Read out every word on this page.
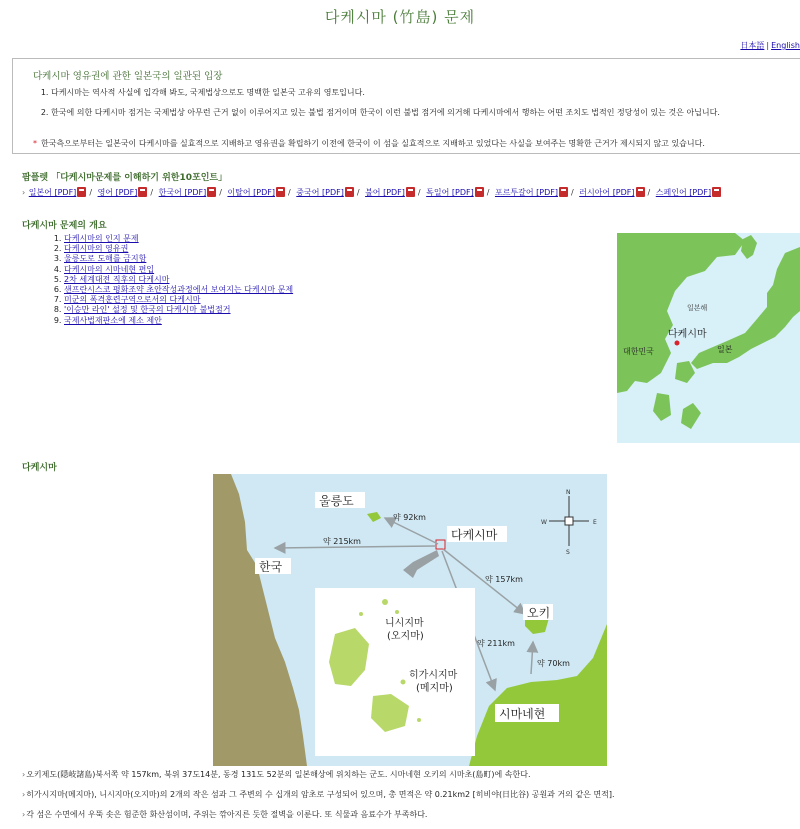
다케시마 (竹島) 문제
日本語 | English
다케시마 영유권에 관한 일본국의 일관된 입장
1. 다케시마는 역사적 사실에 입각해 봐도, 국제법상으로도 명백한 일본국 고유의 영토입니다.
2. 한국에 의한 다케시마 점거는 국제법상 아무런 근거 없이 이루어지고 있는 불법 점거이며 한국이 이런 불법 점거에 의거해 다케시마에서 행하는 어떤 조치도 법적인 정당성이 있는 것은 아닙니다.
* 한국측으로부터는 일본국이 다케시마를 실효적으로 지배하고 영유권을 확립하기 이전에 한국이 이 섬을 실효적으로 지배하고 있었다는 사실을 보여주는 명확한 근거가 제시되지 않고 있습니다.
팜플렛 「다케시마문제를 이해하기 위한10포인트」
› 일본어 [PDF] / 영어 [PDF] / 한국어 [PDF] / 이탈어 [PDF] / 중국어 [PDF] / 불어 [PDF] / 독일어 [PDF] / 포르투갈어 [PDF] / 러시아어 [PDF] / 스페인어 [PDF]
다케시마 문제의 개요
1. 다케시마의 인지 문제
2. 다케시마의 영유권
3. 울릉도로 도해를 금지함
4. 다케시마의 시마네현 편입
5. 2차 세계대전 직후의 다케시마
6. 샌프란시스코 평화조약 초안작성과정에서 보여지는 다케시마 문제
7. 미군의 폭격훈련구역으로서의 다케시마
8. '이승만 라인' 설정 및 한국의 다케시마 불법점거
9. 국제사법재판소에 제소 제안
일본해
다케시마
대한민국	일본
다케시마
N
S
W	E
울릉도
다케시마
한국
오키
시마네현
니시지마
(오지마)
히가시지마
(메지마)
약 92km
약 215km
약 157km
약 211km
약 70km

›오키제도(隠岐諸島)북서쪽 약 157km, 북위 37도14분, 동경 131도 52분의 일본해상에 위치하는 군도. 시마네현 오키의 시마초(島町)에 속한다.

›히가시지마(메지마), 니시지마(오지마)의 2개의 작은 섬과 그 주변의 수 십개의 암초로 구성되어 있으며, 총 면적은 약 0.21km2 [히비야(日比谷) 공원과 거의 같은 면적].

›각 섬은 수면에서 우뚝 솟은 험준한 화산섬이며, 주위는 깎아지른 듯한 절벽을 이룬다. 또 식물과 음료수가 부족하다.
